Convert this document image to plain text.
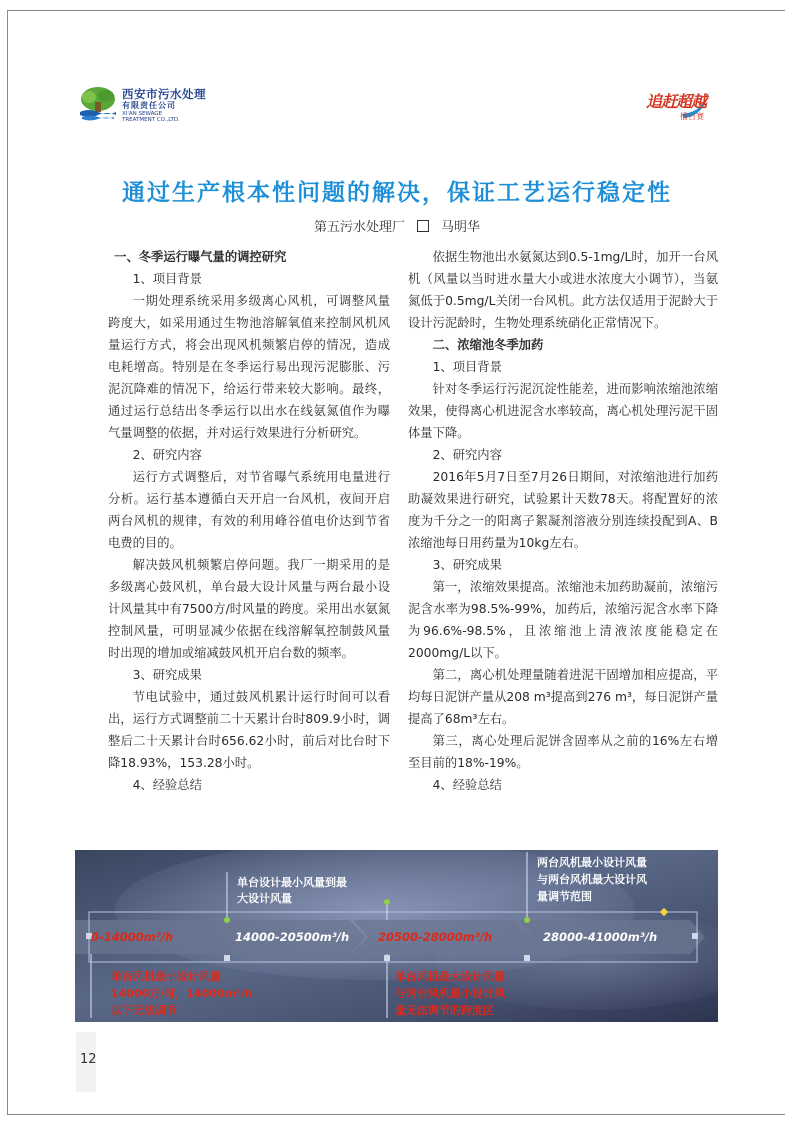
西安市污水处理
有限责任公司
XI'AN SEWAGE
TREATMENT CO.,LTD.
追赶超越
擂台赛
通过生产根本性问题的解决，保证工艺运行稳定性
第五污水处理厂	马明华

一、冬季运行曝气量的调控研究

1、项目背景

一期处理系统采用多级离心风机，可调整风量跨度大，如采用通过生物池溶解氧值来控制风机风量运行方式，将会出现风机频繁启停的情况，造成电耗增高。特别是在冬季运行易出现污泥膨胀、污泥沉降难的情况下，给运行带来较大影响。最终，通过运行总结出冬季运行以出水在线氨氮值作为曝气量调整的依据，并对运行效果进行分析研究。

2、研究内容

运行方式调整后，对节省曝气系统用电量进行分析。运行基本遵循白天开启一台风机，夜间开启两台风机的规律，有效的利用峰谷值电价达到节省电费的目的。

解决鼓风机频繁启停问题。我厂一期采用的是多级离心鼓风机，单台最大设计风量与两台最小设计风量其中有7500方/时风量的跨度。采用出水氨氮控制风量，可明显减少依据在线溶解氧控制鼓风量时出现的增加或缩减鼓风机开启台数的频率。

3、研究成果

节电试验中，通过鼓风机累计运行时间可以看出，运行方式调整前二十天累计台时809.9小时，调整后二十天累计台时656.62小时，前后对比台时下降18.93%，153.28小时。

4、经验总结

依据生物池出水氨氮达到0.5-1mg/L时，加开一台风机（风量以当时进水量大小或进水浓度大小调节），当氨氮低于0.5mg/L关闭一台风机。此方法仅适用于泥龄大于设计污泥龄时，生物处理系统硝化正常情况下。

二、浓缩池冬季加药

1、项目背景

针对冬季运行污泥沉淀性能差，进而影响浓缩池浓缩效果，使得离心机进泥含水率较高，离心机处理污泥干固体量下降。

2、研究内容

2016年5月7日至7月26日期间，对浓缩池进行加药助凝效果进行研究，试验累计天数78天。将配置好的浓度为千分之一的阳离子絮凝剂溶液分别连续投配到A、B浓缩池每日用药量为10kg左右。

3、研究成果

第一，浓缩效果提高。浓缩池未加药助凝前，浓缩污泥含水率为98.5%-99%，加药后，浓缩污泥含水率下降为96.6%-98.5%，且浓缩池上清液浓度能稳定在2000mg/L以下。

第二，离心机处理量随着进泥干固增加相应提高，平均每日泥饼产量从208 m³提高到276 m³，每日泥饼产量提高了68m³左右。

第三，离心处理后泥饼含固率从之前的16%左右增至目前的18%-19%。

4、经验总结

0-14000m³/h	14000-20500m³/h	20500-28000m³/h	28000-41000m³/h
单台设计最小风量到最
大设计风量
两台风机最小设计风量
与两台风机最大设计风
量调节范围
单台风机最小设计风量
14000方/时，14000m³/h
以下无法调节
单台风机最大设计风量
与两台风机最小设计风
量无法调节的跨度区
12
